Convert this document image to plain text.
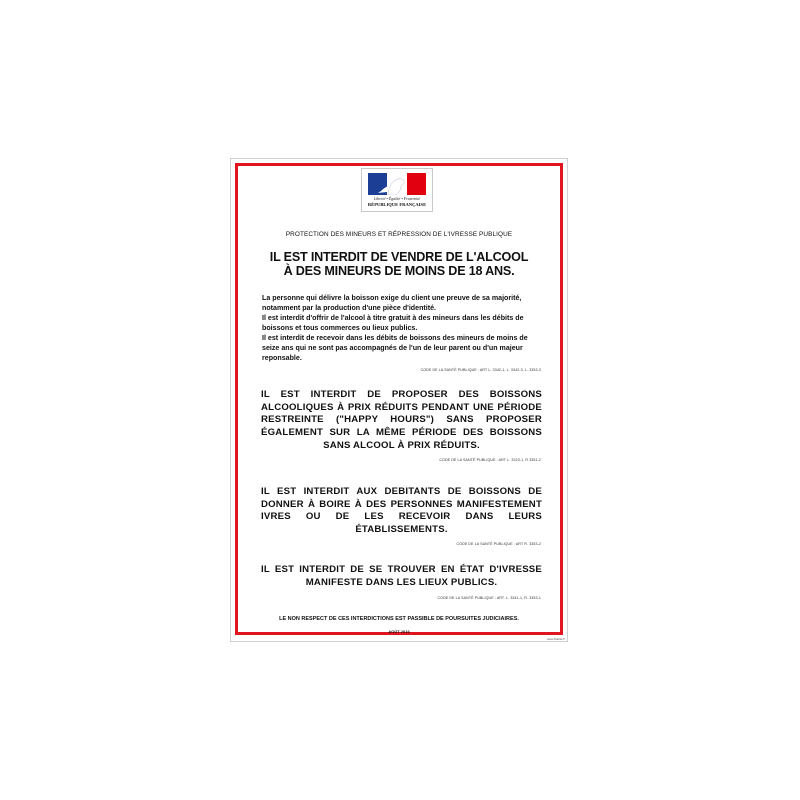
Liberté • Égalité • Fraternité
RÉPUBLIQUE FRANÇAISE
PROTECTION DES MINEURS ET RÉPRESSION DE L'IVRESSE PUBLIQUE
IL EST INTERDIT DE VENDRE DE L'ALCOOL
À DES MINEURS DE MOINS DE 18 ANS.

La personne qui délivre la boisson exige du client une preuve de sa majorité, notamment par la production d'une pièce d'identité.

Il est interdit d'offrir de l'alcool à titre gratuit à des mineurs dans les débits de boissons et tous commerces ou lieux publics.

Il est interdit de recevoir dans les débits de boissons des mineurs de moins de seize ans qui ne sont pas accompagnés de l'un de leur parent ou d'un majeur reponsable.

CODE DE LA SANTÉ PUBLIQUE : ART L. 3342-1, L. 3342-3, L. 3353-3
IL EST INTERDIT DE PROPOSER DES BOISSONS ALCOOLIQUES À PRIX RÉDUITS PENDANT UNE PÉRIODE RESTREINTE ("HAPPY HOURS") SANS PROPOSER ÉGALEMENT SUR LA MÊME PÉRIODE DES BOISSONS SANS ALCOOL À PRIX RÉDUITS.
CODE DE LA SANTÉ PUBLIQUE : ART L. 3323-1, R 3351-2
IL EST INTERDIT AUX DEBITANTS DE BOISSONS DE DONNER À BOIRE À DES PERSONNES MANIFESTEMENT IVRES OU DE LES RECEVOIR DANS LEURS ÉTABLISSEMENTS.
CODE DE LA SANTÉ PUBLIQUE : ART R. 3353-2
IL EST INTERDIT DE SE TROUVER EN ÉTAT D'IVRESSE MANIFESTE DANS LES LIEUX PUBLICS.
CODE DE LA SANTÉ PUBLIQUE : ART. L. 3341-1, R. 3353-1
LE NON RESPECT DE CES INTERDICTIONS EST PASSIBLE DE POURSUITES JUDICIAIRES.
AOÛT 2016
www.ilhabits.fr
